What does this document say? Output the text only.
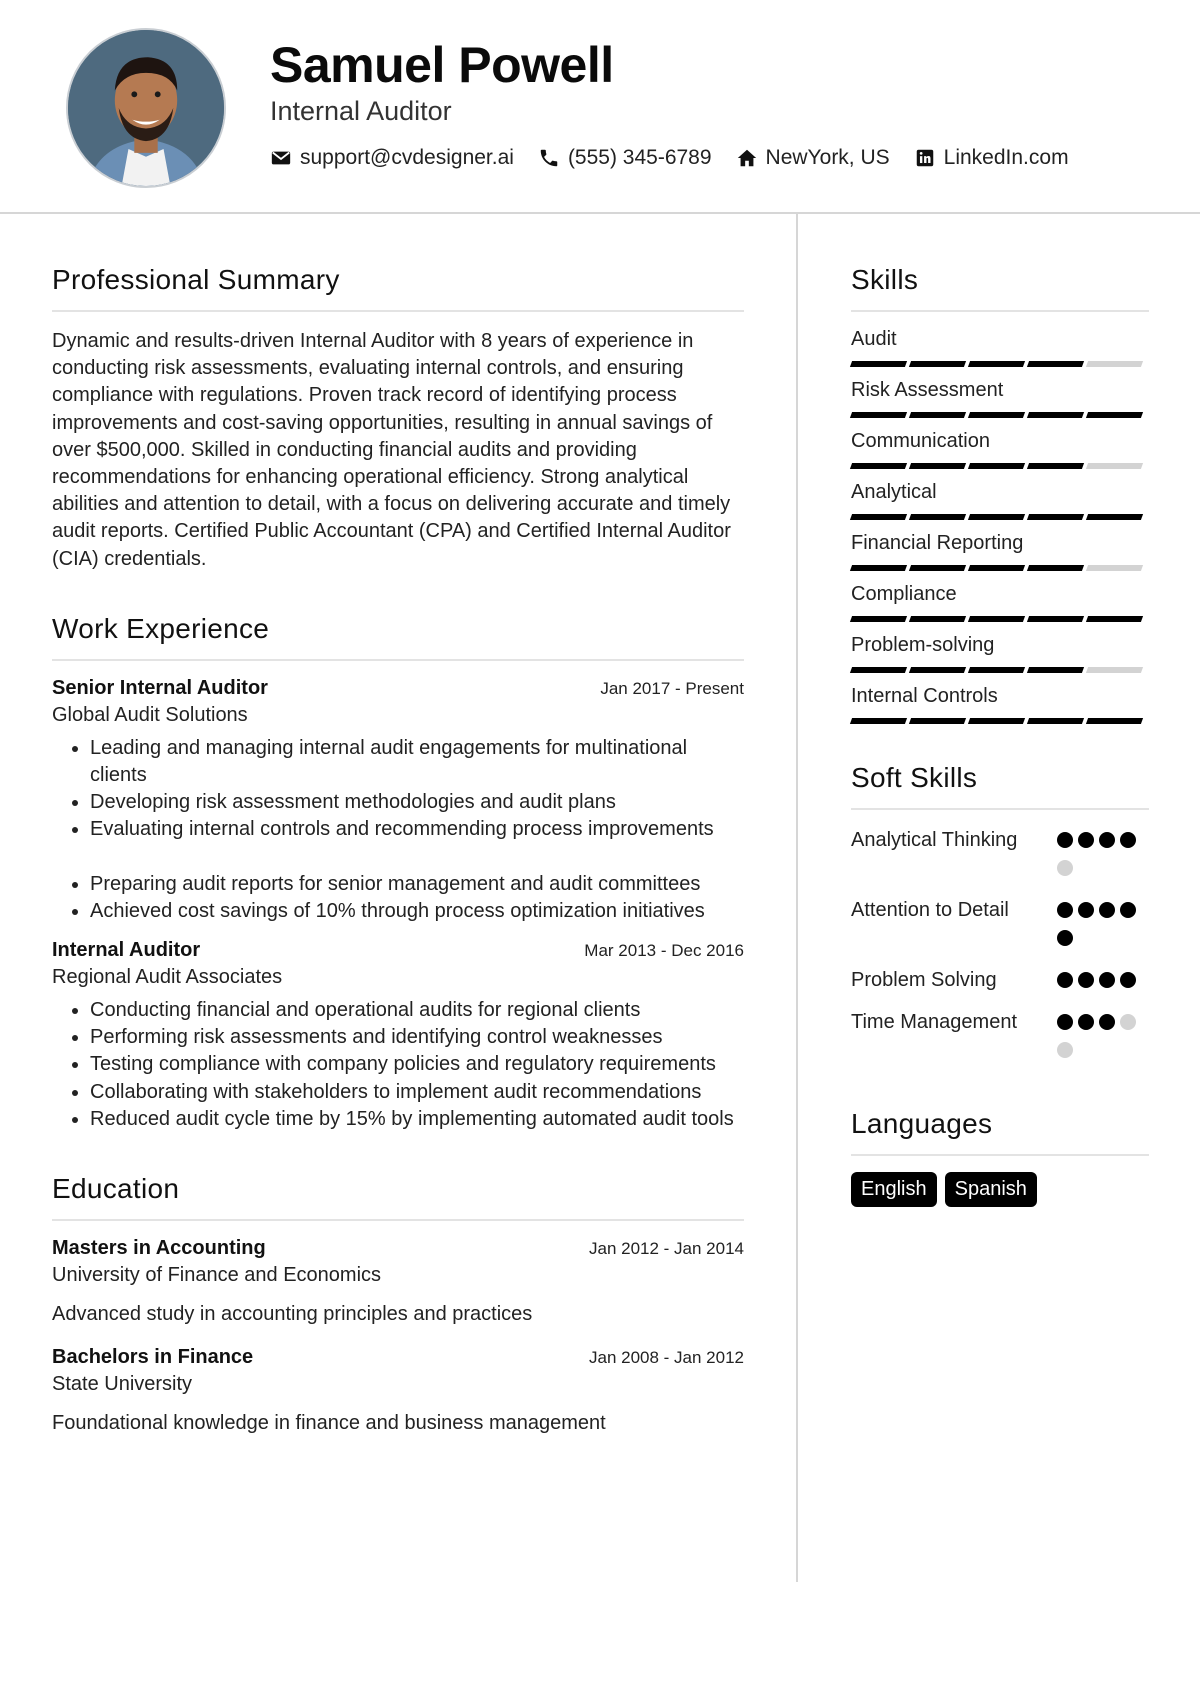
Samuel Powell
Internal Auditor
support@cvdesigner.ai	(555) 345-6789	NewYork, US	LinkedIn.com
Professional Summary

Dynamic and results-driven Internal Auditor with 8 years of experience in conducting risk assessments, evaluating internal controls, and ensuring compliance with regulations. Proven track record of identifying process improvements and cost-saving opportunities, resulting in annual savings of over $500,000. Skilled in conducting financial audits and providing recommendations for enhancing operational efficiency. Strong analytical abilities and attention to detail, with a focus on delivering accurate and timely audit reports. Certified Public Accountant (CPA) and Certified Internal Auditor (CIA) credentials.

Work Experience
Senior Internal Auditor	Jan 2017 - Present
Global Audit Solutions
• Leading and managing internal audit engagements for multinational clients
• Developing risk assessment methodologies and audit plans
• Evaluating internal controls and recommending process improvements
• Preparing audit reports for senior management and audit committees
• Achieved cost savings of 10% through process optimization initiatives
Internal Auditor	Mar 2013 - Dec 2016
Regional Audit Associates
• Conducting financial and operational audits for regional clients
• Performing risk assessments and identifying control weaknesses
• Testing compliance with company policies and regulatory requirements
• Collaborating with stakeholders to implement audit recommendations
• Reduced audit cycle time by 15% by implementing automated audit tools
Education
Masters in Accounting	Jan 2012 - Jan 2014
University of Finance and Economics
Advanced study in accounting principles and practices
Bachelors in Finance	Jan 2008 - Jan 2012
State University
Foundational knowledge in finance and business management
Skills
Audit
Risk Assessment
Communication
Analytical
Financial Reporting
Compliance
Problem-solving
Internal Controls
Soft Skills
Analytical Thinking
Attention to Detail
Problem Solving
Time Management
Languages
English	Spanish
